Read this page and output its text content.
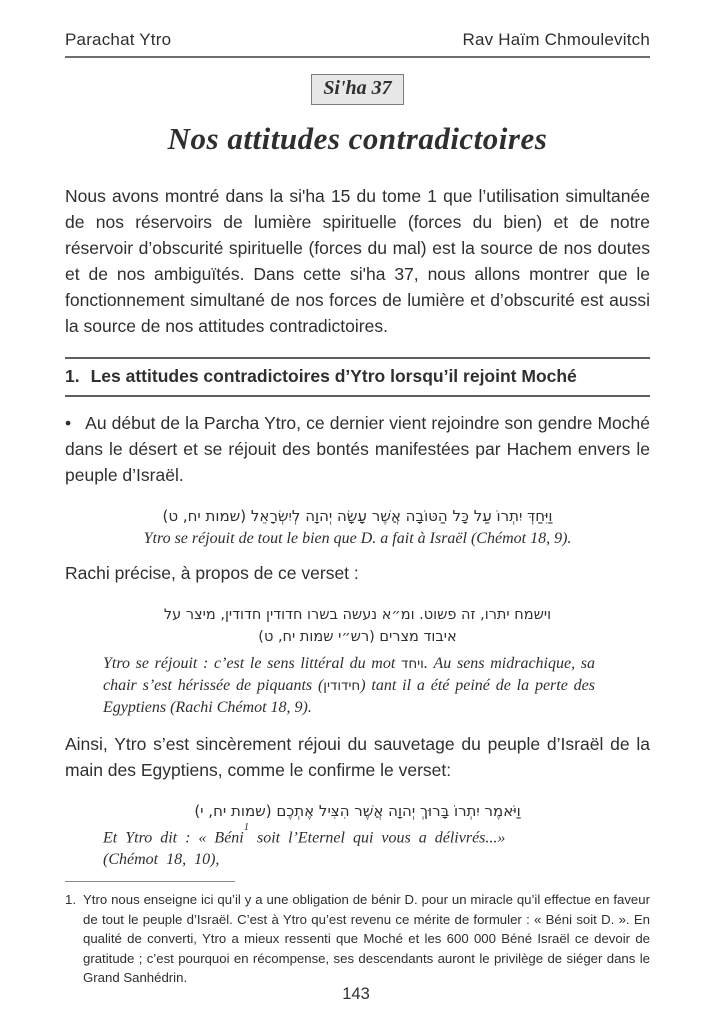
Parachat Ytro	Rav Haïm Chmoulevitch
Si'ha 37
Nos attitudes contradictoires

Nous avons montré dans la si'ha 15 du tome 1 que l’utilisation simultanée de nos réservoirs de lumière spirituelle (forces du bien) et de notre réservoir d’obscurité spirituelle (forces du mal) est la source de nos doutes et de nos ambiguïtés. Dans cette si'ha 37, nous allons montrer que le fonctionnement simultané de nos forces de lumière et d’obscurité est aussi la source de nos attitudes contradictoires.

1. Les attitudes contradictoires d’Ytro lorsqu’il rejoint Moché

• Au début de la Parcha Ytro, ce dernier vient rejoindre son gendre Moché dans le désert et se réjouit des bontés manifestées par Hachem envers le peuple d’Israël.

וַיִּחַדְּ יִתְרוֹ עַל כָּל הַטּוֹבָה אֲשֶׁר עָשָׂה יְהוָה לְיִשְׂרָאֵל (שמות יח, ט)
Ytro se réjouit de tout le bien que D. a fait à Israël (Chémot 18, 9).

Rachi précise, à propos de ce verset :

וישמח יתרו, זה פשוט. ומ״א נעשה בשרו חדודין חדודין, מיצר על
איבוד מצרים (רש״י שמות יח, ט)

Ytro se réjouit : c’est le sens littéral du mot ויחד. Au sens midrachique, sa chair s’est hérissée de piquants (חידודין) tant il a été peiné de la perte des Egyptiens (Rachi Chémot 18, 9).

Ainsi, Ytro s’est sincèrement réjoui du sauvetage du peuple d’Israël de la main des Egyptiens, comme le confirme le verset:

וַיֹּאמֶר יִתְרוֹ בָּרוּךְ יְהוָה אֲשֶׁר הִצִּיל אֶתְכֶם (שמות יח, י)

Et Ytro dit : « Béni$^1$ soit l’Eternel qui vous a délivrés...»
(Chémot 18, 10),

1. Ytro nous enseigne ici qu’il y a une obligation de bénir D. pour un miracle qu’il effectue en faveur de tout le peuple d’Israël. C’est à Ytro qu’est revenu ce mérite de formuler : « Béni soit D. ». En qualité de converti, Ytro a mieux ressenti que Moché et les 600 000 Béné Israël ce devoir de gratitude ; c’est pourquoi en récompense, ses descendants auront le privilège de siéger dans le Grand Sanhédrin.
143
